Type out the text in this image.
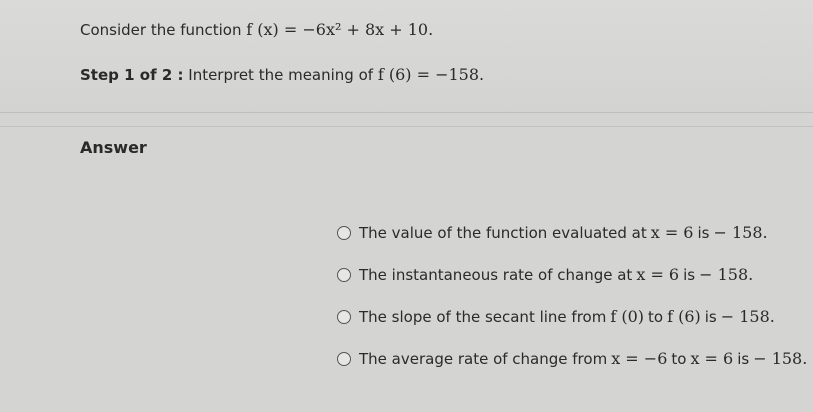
Consider the function f (x) = −6x² + 8x + 10.
Step 1 of 2 : Interpret the meaning of f (6) = −158.
Answer
The value of the function evaluated at x = 6 is − 158.
The instantaneous rate of change at x = 6 is − 158.
The slope of the secant line from f (0) to f (6) is − 158.
The average rate of change from x = −6 to x = 6 is − 158.
